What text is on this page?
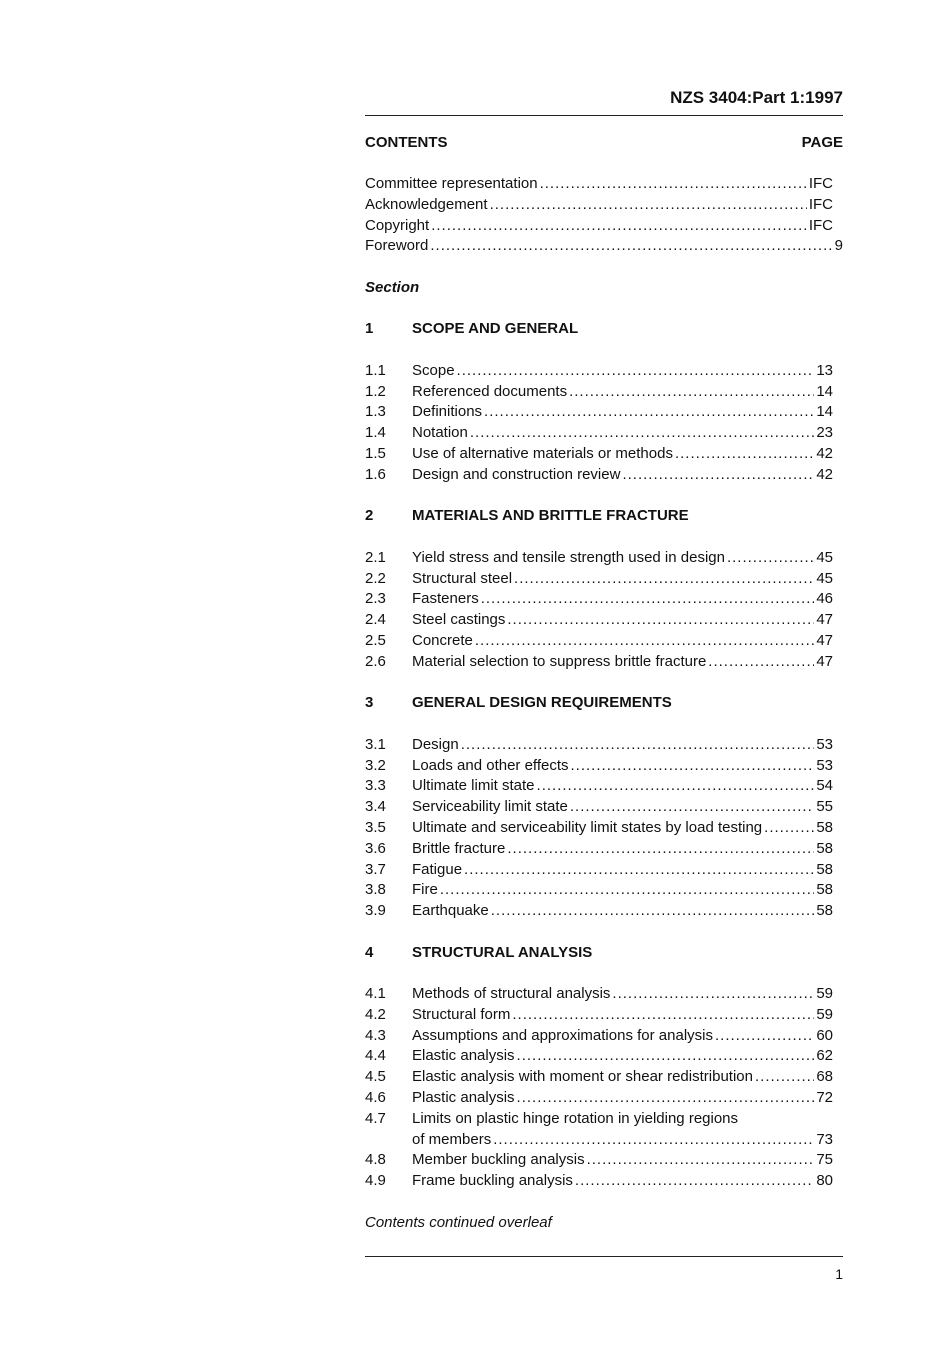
NZS 3404:Part 1:1997
CONTENTS	PAGE
Committee representation .....	IFC
Acknowledgement .....	IFC
Copyright .....	IFC
Foreword .....	9
Section
1	SCOPE AND GENERAL
1.1	Scope .....	13
1.2	Referenced documents .....	14
1.3	Definitions .....	14
1.4	Notation .....	23
1.5	Use of alternative materials or methods .....	42
1.6	Design and construction review .....	42
2	MATERIALS AND BRITTLE FRACTURE
2.1	Yield stress and tensile strength used in design .....	45
2.2	Structural steel .....	45
2.3	Fasteners .....	46
2.4	Steel castings .....	47
2.5	Concrete .....	47
2.6	Material selection to suppress brittle fracture .....	47
3	GENERAL DESIGN REQUIREMENTS
3.1	Design .....	53
3.2	Loads and other effects .....	53
3.3	Ultimate limit state .....	54
3.4	Serviceability limit state .....	55
3.5	Ultimate and serviceability limit states by load testing .....	58
3.6	Brittle fracture .....	58
3.7	Fatigue .....	58
3.8	Fire .....	58
3.9	Earthquake .....	58
4	STRUCTURAL ANALYSIS
4.1	Methods of structural analysis .....	59
4.2	Structural form .....	59
4.3	Assumptions and approximations for analysis .....	60
4.4	Elastic analysis .....	62
4.5	Elastic analysis with moment or shear redistribution .....	68
4.6	Plastic analysis .....	72
4.7	Limits on plastic hinge rotation in yielding regions
of members .....	73
4.8	Member buckling analysis .....	75
4.9	Frame buckling analysis .....	80
Contents continued overleaf
1
